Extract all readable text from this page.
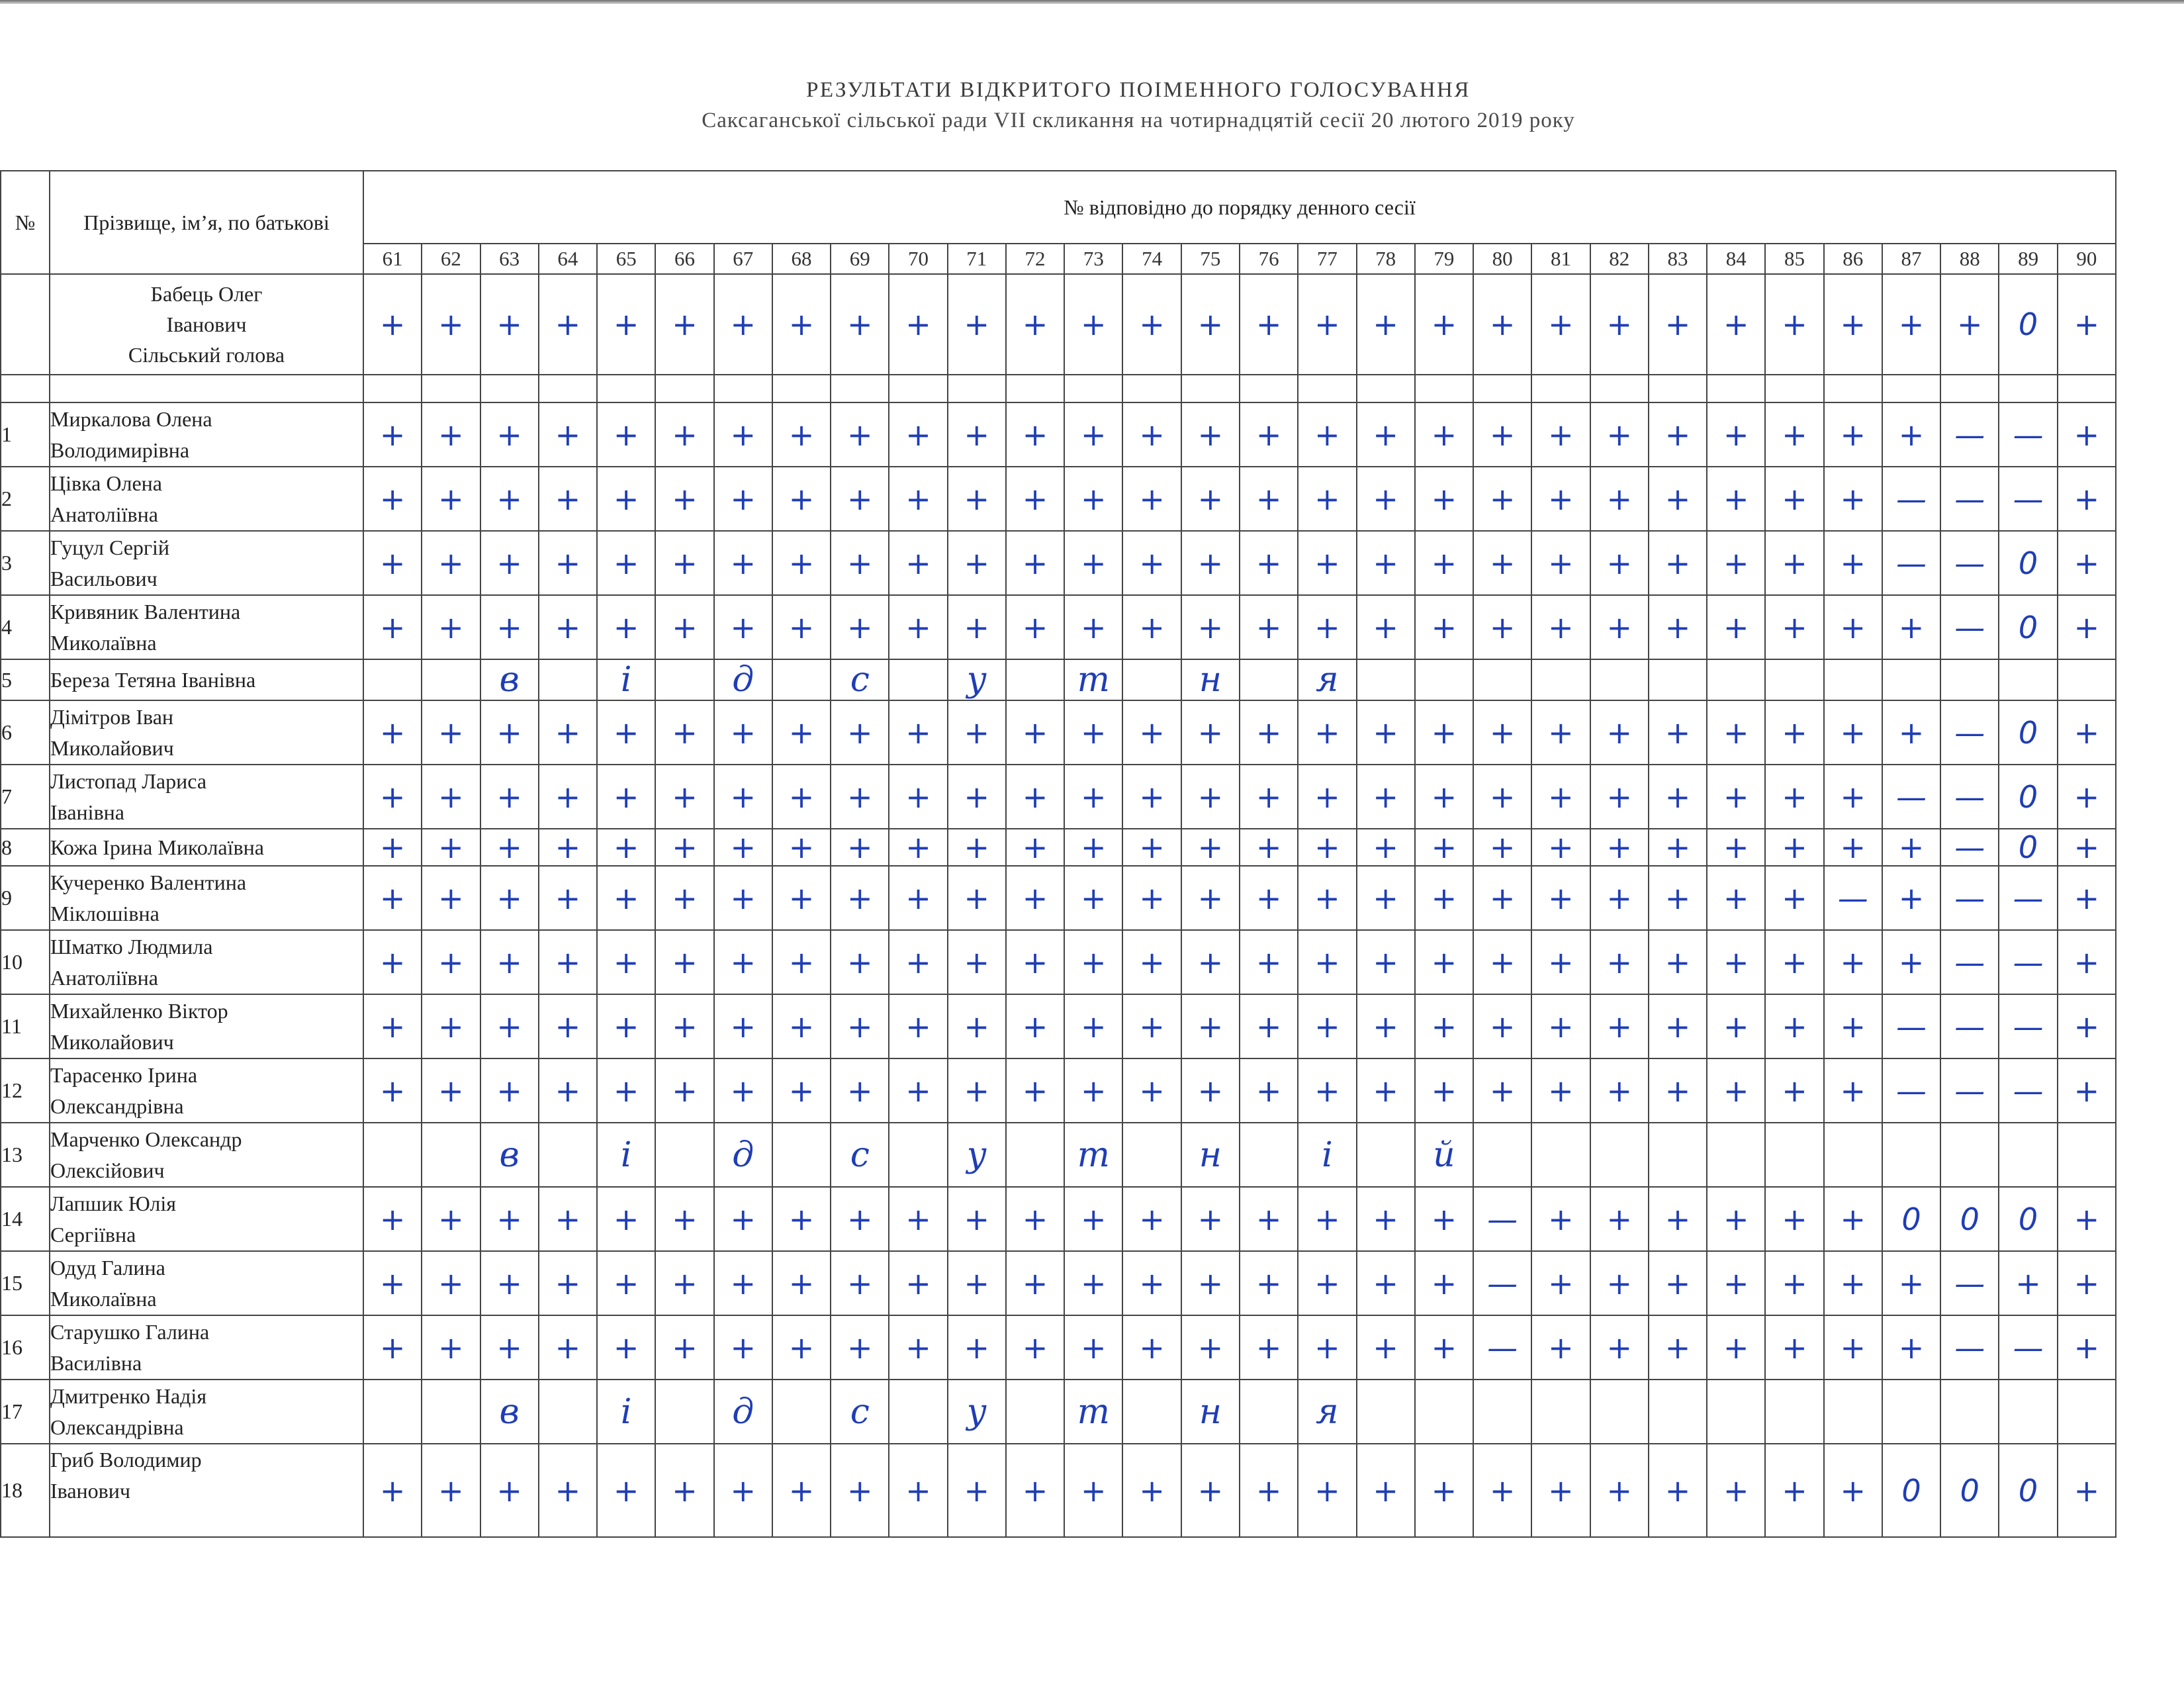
РЕЗУЛЬТАТИ ВІДКРИТОГО ПОІМЕННОГО ГОЛОСУВАННЯ
Саксаганської сільської ради VII скликання на чотирнадцятій сесії 20 лютого 2019 року
№	Прізвище, ім’я, по батькові	№ відповідно до порядку денного сесії																													
		61	62	63	64	65	66	67	68	69	70	71	72	73	74	75	76	77	78	79	80	81	82	83	84	85	86	87	88	89	90

	Бабець Олег
Іванович
Сільський голова	+	+	+	+	+	+	+	+	+	+	+	+	+	+	+	+	+	+	+	+	+	+	+	+	+	+	+	+	0	+

1	Миркалова Олена
Володимирівна	+	+	+	+	+	+	+	+	+	+	+	+	+	+	+	+	+	+	+	+	+	+	+	+	+	+	+	—	—	+
2	Цівка Олена
Анатоліївна	+	+	+	+	+	+	+	+	+	+	+	+	+	+	+	+	+	+	+	+	+	+	+	+	+	+	—	—	—	+
3	Гуцул Сергій
Васильович	+	+	+	+	+	+	+	+	+	+	+	+	+	+	+	+	+	+	+	+	+	+	+	+	+	+	—	—	0	+
4	Кривяник Валентина
Миколаївна	+	+	+	+	+	+	+	+	+	+	+	+	+	+	+	+	+	+	+	+	+	+	+	+	+	+	+	—	0	+
5	Береза Тетяна Іванівна			в		і		д		с		у		т		н		я													
6	Дімітров Іван
Миколайович	+	+	+	+	+	+	+	+	+	+	+	+	+	+	+	+	+	+	+	+	+	+	+	+	+	+	+	—	0	+
7	Листопад Лариса
Іванівна	+	+	+	+	+	+	+	+	+	+	+	+	+	+	+	+	+	+	+	+	+	+	+	+	+	+	—	—	0	+
8	Кожа Ірина Миколаївна	+	+	+	+	+	+	+	+	+	+	+	+	+	+	+	+	+	+	+	+	+	+	+	+	+	+	+	—	0	+
9	Кучеренко Валентина
Міклошівна	+	+	+	+	+	+	+	+	+	+	+	+	+	+	+	+	+	+	+	+	+	+	+	+	+	—	+	—	—	+
10	Шматко Людмила
Анатоліївна	+	+	+	+	+	+	+	+	+	+	+	+	+	+	+	+	+	+	+	+	+	+	+	+	+	+	+	—	—	+
11	Михайленко Віктор
Миколайович	+	+	+	+	+	+	+	+	+	+	+	+	+	+	+	+	+	+	+	+	+	+	+	+	+	+	—	—	—	+
12	Тарасенко Ірина
Олександрівна	+	+	+	+	+	+	+	+	+	+	+	+	+	+	+	+	+	+	+	+	+	+	+	+	+	+	—	—	—	+
13	Марченко Олександр
Олексійович			в		і		д		с		у		т		н		і		й											
14	Лапшик Юлія
Сергіївна	+	+	+	+	+	+	+	+	+	+	+	+	+	+	+	+	+	+	+	—	+	+	+	+	+	+	0	0	0	+
15	Одуд Галина
Миколаївна	+	+	+	+	+	+	+	+	+	+	+	+	+	+	+	+	+	+	+	—	+	+	+	+	+	+	+	—	+	+
16	Старушко Галина
Василівна	+	+	+	+	+	+	+	+	+	+	+	+	+	+	+	+	+	+	+	—	+	+	+	+	+	+	+	—	—	+
17	Дмитренко Надія
Олександрівна			в		і		д		с		у		т		н		я													
18	Гриб Володимир
Іванович	+	+	+	+	+	+	+	+	+	+	+	+	+	+	+	+	+	+	+	+	+	+	+	+	+	+	0	0	0	+
